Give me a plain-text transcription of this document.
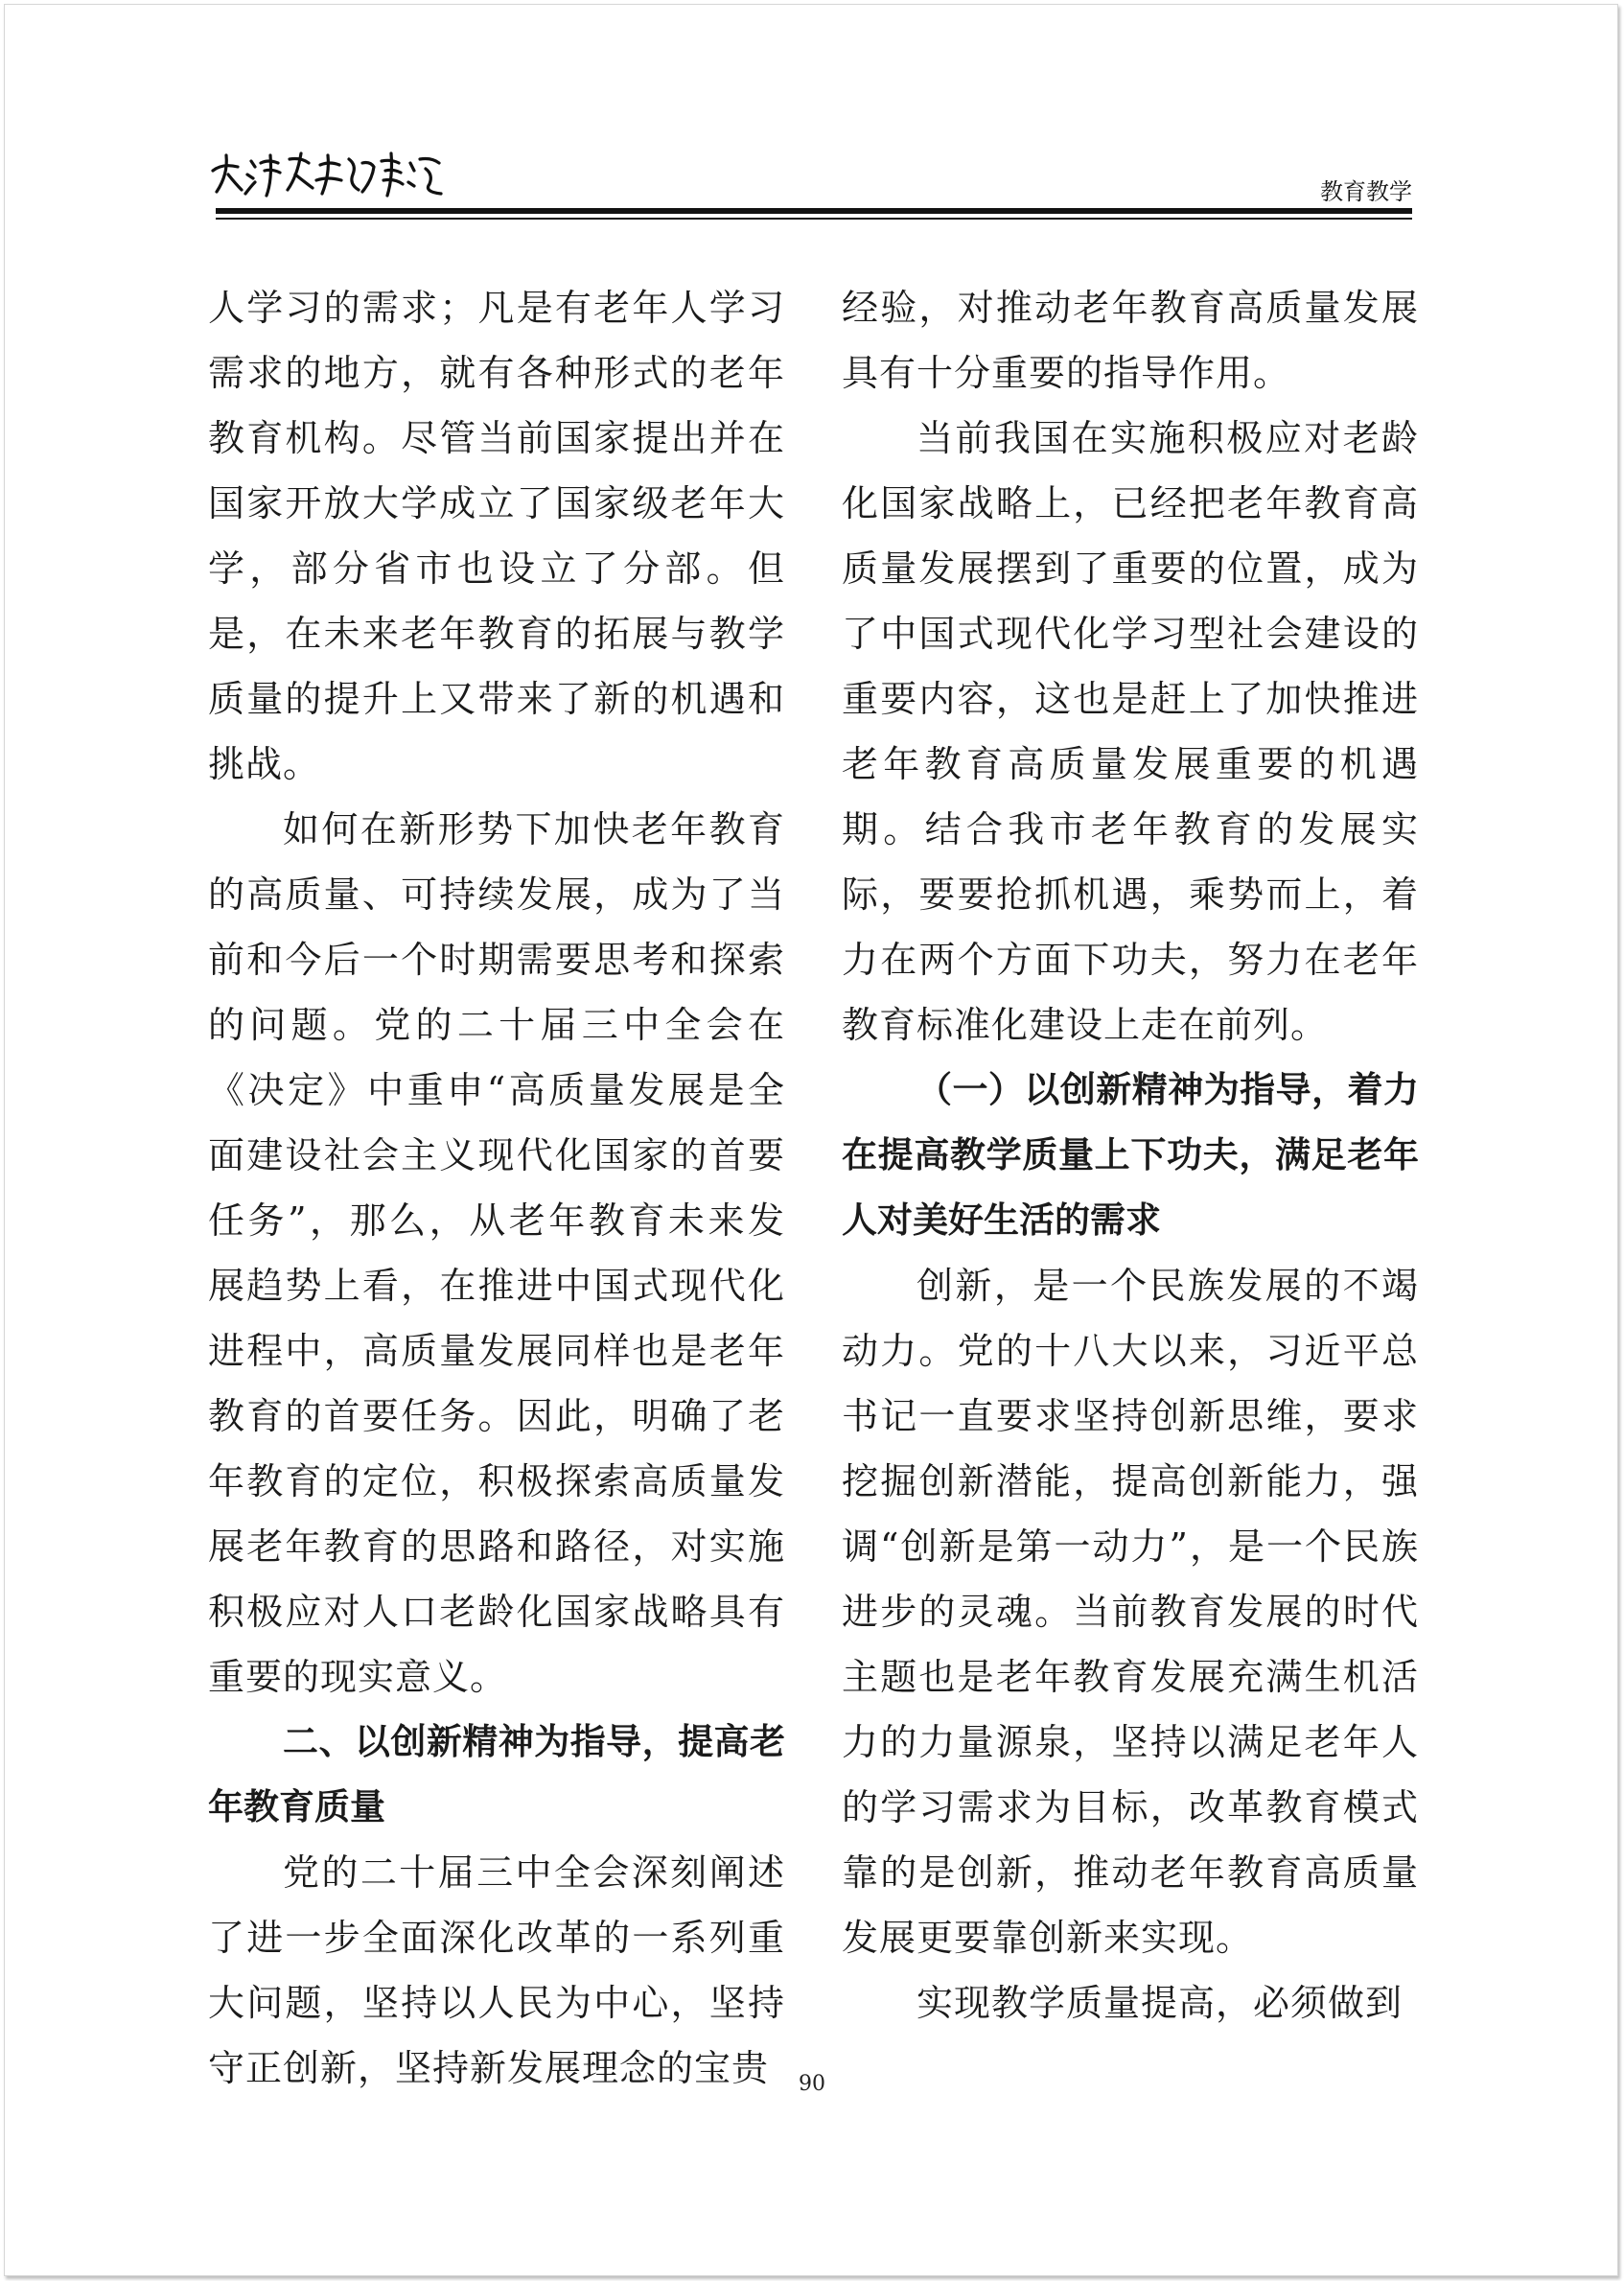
教育教学

人学习的需求；凡是有老年人学习需求的地方，就有各种形式的老年教育机构。尽管当前国家提出并在国家开放大学成立了国家级老年大学，部分省市也设立了分部。但是，在未来老年教育的拓展与教学质量的提升上又带来了新的机遇和挑战。

如何在新形势下加快老年教育的高质量、可持续发展，成为了当前和今后一个时期需要思考和探索的问题。党的二十届三中全会在《决定》中重申“高质量发展是全面建设社会主义现代化国家的首要任务”，那么，从老年教育未来发展趋势上看，在推进中国式现代化进程中，高质量发展同样也是老年教育的首要任务。因此，明确了老年教育的定位，积极探索高质量发展老年教育的思路和路径，对实施积极应对人口老龄化国家战略具有重要的现实意义。

二、以创新精神为指导，提高老年教育质量

党的二十届三中全会深刻阐述了进一步全面深化改革的一系列重大问题，坚持以人民为中心，坚持守正创新，坚持新发展理念的宝贵

经验，对推动老年教育高质量发展具有十分重要的指导作用。

当前我国在实施积极应对老龄化国家战略上，已经把老年教育高质量发展摆到了重要的位置，成为了中国式现代化学习型社会建设的重要内容，这也是赶上了加快推进老年教育高质量发展重要的机遇期。结合我市老年教育的发展实际，要要抢抓机遇，乘势而上，着力在两个方面下功夫，努力在老年教育标准化建设上走在前列。

（一）以创新精神为指导，着力在提高教学质量上下功夫，满足老年人对美好生活的需求

创新，是一个民族发展的不竭动力。党的十八大以来，习近平总书记一直要求坚持创新思维，要求挖掘创新潜能，提高创新能力，强调“创新是第一动力”，是一个民族进步的灵魂。当前教育发展的时代主题也是老年教育发展充满生机活力的力量源泉，坚持以满足老年人的学习需求为目标，改革教育模式靠的是创新，推动老年教育高质量发展更要靠创新来实现。

实现教学质量提高，必须做到

90
